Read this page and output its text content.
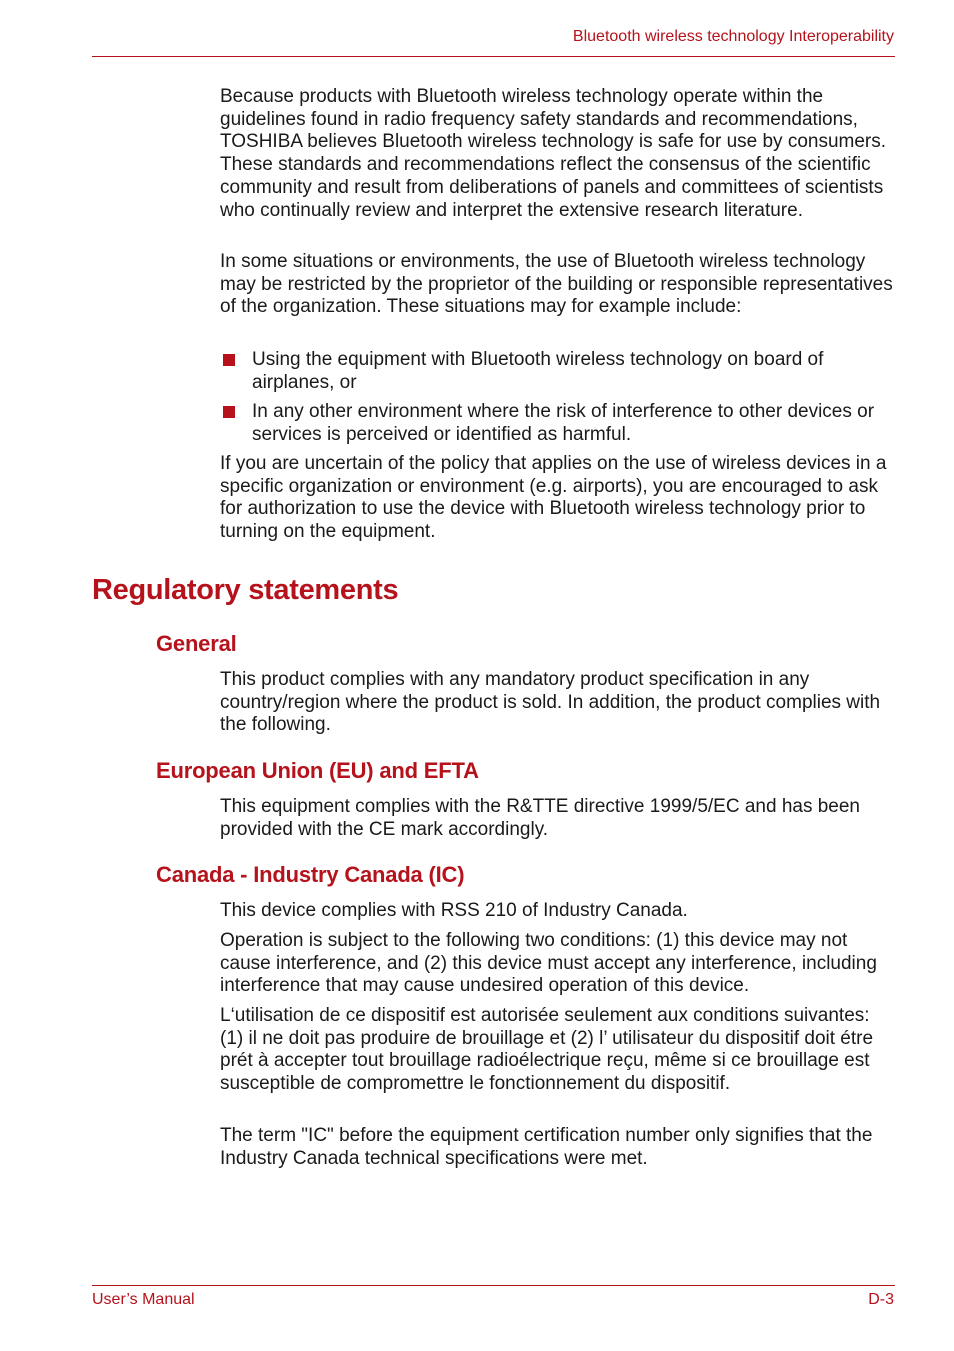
Bluetooth wireless technology Interoperability

Because products with Bluetooth wireless technology operate within the guidelines found in radio frequency safety standards and recommendations, TOSHIBA believes Bluetooth wireless technology is safe for use by consumers. These standards and recommendations reflect the consensus of the scientific community and result from deliberations of panels and committees of scientists who continually review and interpret the extensive research literature.

In some situations or environments, the use of Bluetooth wireless technology may be restricted by the proprietor of the building or responsible representatives of the organization. These situations may for example include:

Using the equipment with Bluetooth wireless technology on board of airplanes, or
In any other environment where the risk of interference to other devices or services is perceived or identified as harmful.

If you are uncertain of the policy that applies on the use of wireless devices in a specific organization or environment (e.g. airports), you are encouraged to ask for authorization to use the device with Bluetooth wireless technology prior to turning on the equipment.

Regulatory statements
General

This product complies with any mandatory product specification in any country/region where the product is sold. In addition, the product complies with the following.

European Union (EU) and EFTA

This equipment complies with the R&TTE directive 1999/5/EC and has been provided with the CE mark accordingly.

Canada - Industry Canada (IC)

This device complies with RSS 210 of Industry Canada.

Operation is subject to the following two conditions: (1) this device may not cause interference, and (2) this device must accept any interference, including interference that may cause undesired operation of this device.

L‘utilisation de ce dispositif est autorisée seulement aux conditions suivantes: (1) il ne doit pas produire de brouillage et (2) l’ utilisateur du dispositif doit étre prét à accepter tout brouillage radioélectrique reçu, même si ce brouillage est susceptible de compromettre le fonctionnement du dispositif.

The term "IC" before the equipment certification number only signifies that the Industry Canada technical specifications were met.

User’s Manual	D-3
